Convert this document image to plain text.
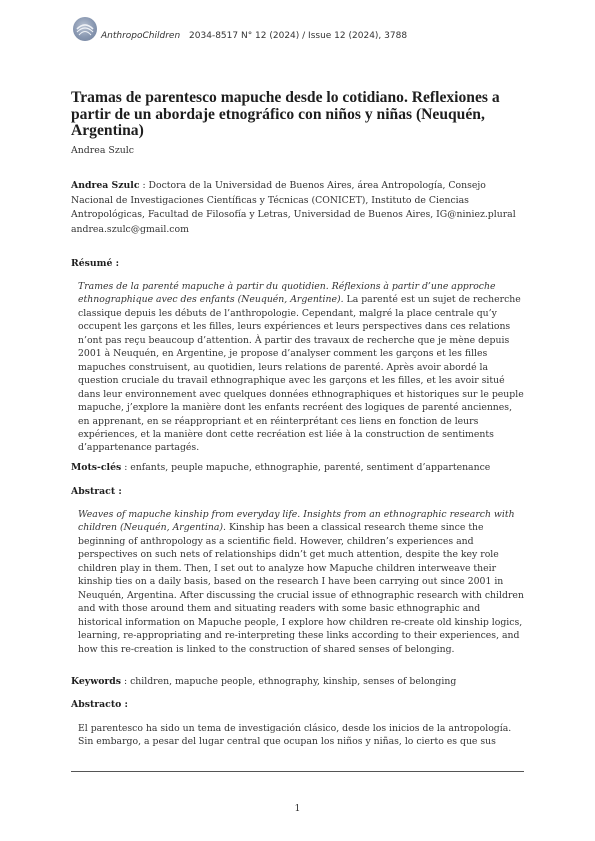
AnthropoChildren 2034-8517 N° 12 (2024) / Issue 12 (2024), 3788
Tramas de parentesco mapuche desde lo cotidiano. Reflexiones a partir de un abordaje etnográfico con niños y niñas (Neuquén, Argentina)
Andrea Szulc
Andrea Szulc : Doctora de la Universidad de Buenos Aires, área Antropología, Consejo Nacional de Investigaciones Científicas y Técnicas (CONICET), Instituto de Ciencias Antropológicas, Facultad de Filosofía y Letras, Universidad de Buenos Aires, IG@niniez.plural andrea.szulc@gmail.com
Résumé :
Trames de la parenté mapuche à partir du quotidien. Réflexions à partir d’une approche ethnographique avec des enfants (Neuquén, Argentine). La parenté est un sujet de recherche classique depuis les débuts de l’anthropologie. Cependant, malgré la place centrale qu’y occupent les garçons et les filles, leurs expériences et leurs perspectives dans ces relations n’ont pas reçu beaucoup d’attention. À partir des travaux de recherche que je mène depuis 2001 à Neuquén, en Argentine, je propose d’analyser comment les garçons et les filles mapuches construisent, au quotidien, leurs relations de parenté. Après avoir abordé la question cruciale du travail ethnographique avec les garçons et les filles, et les avoir situé dans leur environnement avec quelques données ethnographiques et historiques sur le peuple mapuche, j’explore la manière dont les enfants recréent des logiques de parenté anciennes, en apprenant, en se réappropriant et en réinterprétant ces liens en fonction de leurs expériences, et la manière dont cette recréation est liée à la construction de sentiments d’appartenance partagés.
Mots-clés : enfants, peuple mapuche, ethnographie, parenté, sentiment d’appartenance
Abstract :
Weaves of mapuche kinship from everyday life. Insights from an ethnographic research with children (Neuquén, Argentina). Kinship has been a classical research theme since the beginning of anthropology as a scientific field. However, children’s experiences and perspectives on such nets of relationships didn’t get much attention, despite the key role children play in them. Then, I set out to analyze how Mapuche children interweave their kinship ties on a daily basis, based on the research I have been carrying out since 2001 in Neuquén, Argentina. After discussing the crucial issue of ethnographic research with children and with those around them and situating readers with some basic ethnographic and historical information on Mapuche people, I explore how children re-create old kinship logics, learning, re-appropriating and re-interpreting these links according to their experiences, and how this re-creation is linked to the construction of shared senses of belonging.
Keywords : children, mapuche people, ethnography, kinship, senses of belonging
Abstracto :
El parentesco ha sido un tema de investigación clásico, desde los inicios de la antropología. Sin embargo, a pesar del lugar central que ocupan los niños y niñas, lo cierto es que sus
1
